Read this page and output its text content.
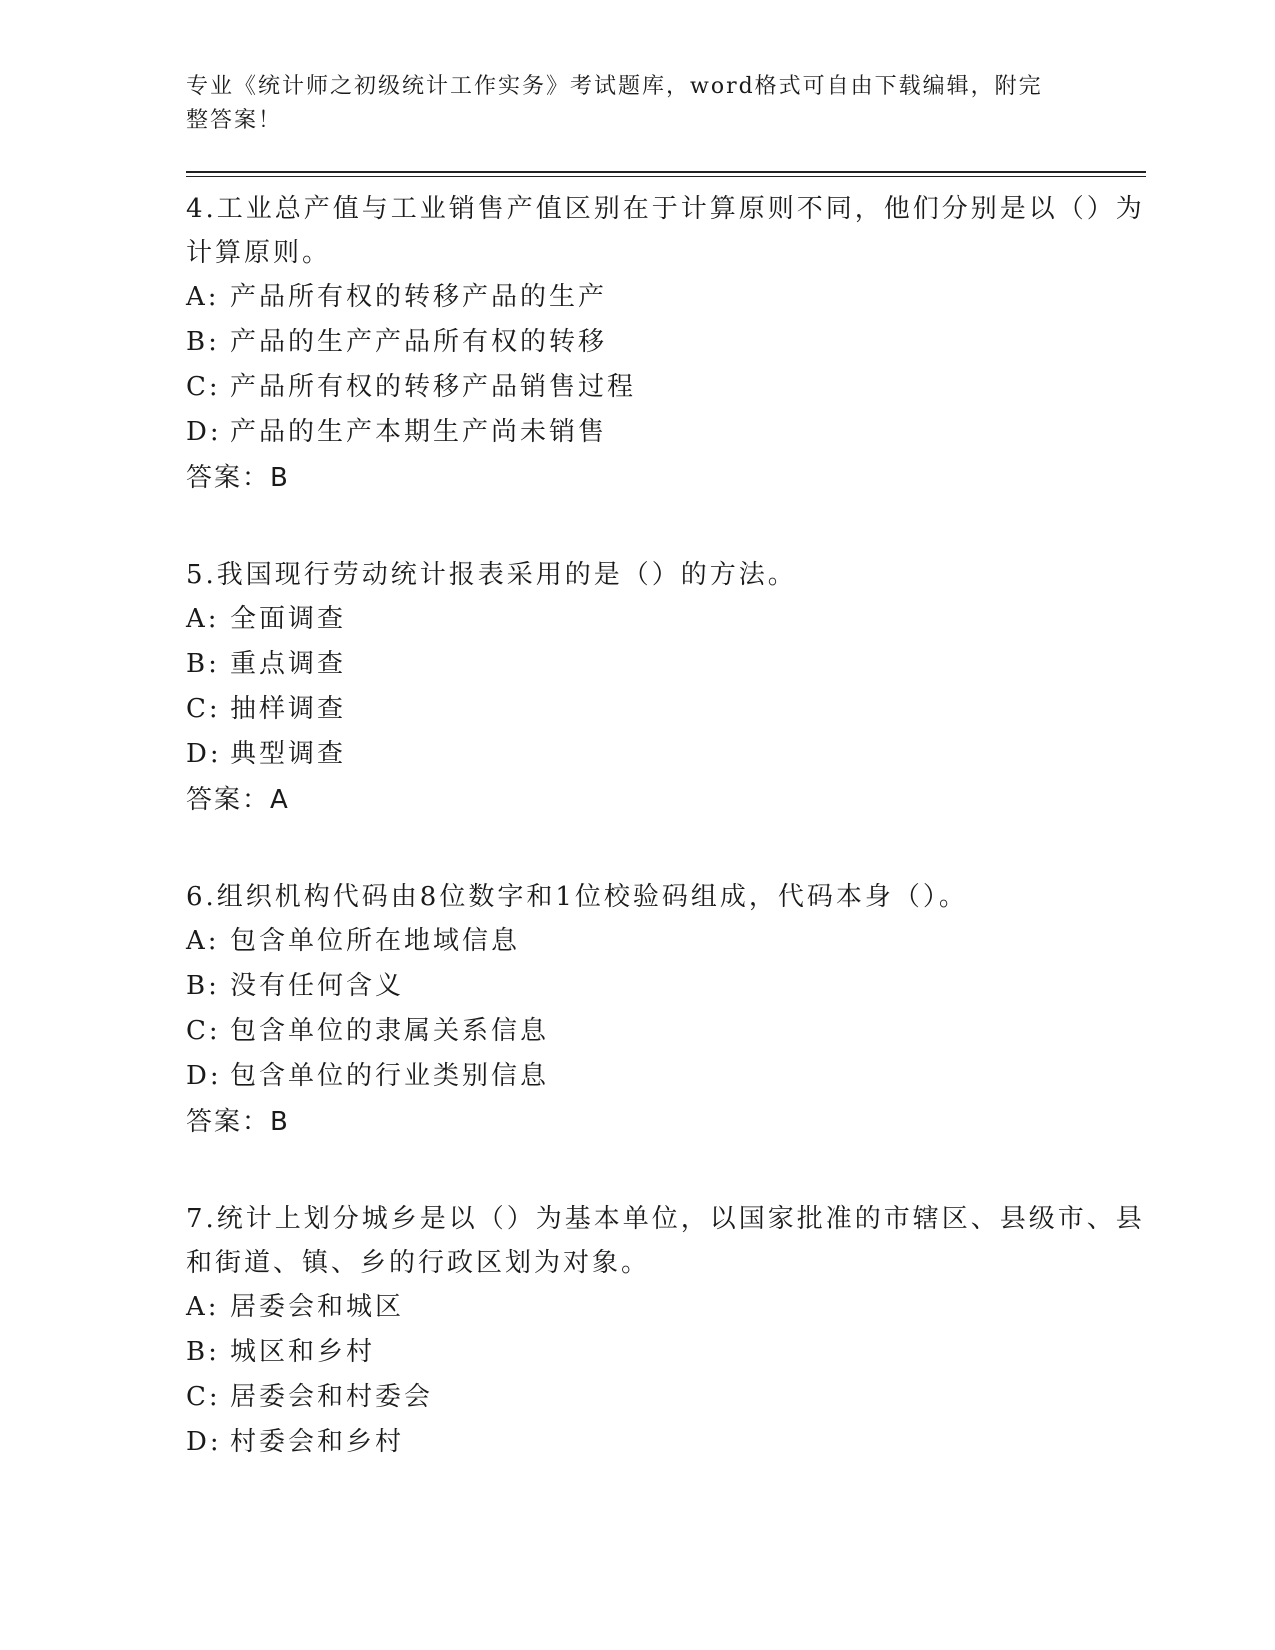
专业《统计师之初级统计工作实务》考试题库，word格式可自由下载编辑，附完整答案！

4.工业总产值与工业销售产值区别在于计算原则不同，他们分别是以（）为计算原则。

A: 产品所有权的转移产品的生产

B: 产品的生产产品所有权的转移

C: 产品所有权的转移产品销售过程

D: 产品的生产本期生产尚未销售

答案：B

5.我国现行劳动统计报表采用的是（）的方法。

A: 全面调查

B: 重点调查

C: 抽样调查

D: 典型调查

答案：A

6.组织机构代码由8位数字和1位校验码组成，代码本身（）。

A: 包含单位所在地域信息

B: 没有任何含义

C: 包含单位的隶属关系信息

D: 包含单位的行业类别信息

答案：B

7.统计上划分城乡是以（）为基本单位，以国家批准的市辖区、县级市、县和街道、镇、乡的行政区划为对象。

A: 居委会和城区

B: 城区和乡村

C: 居委会和村委会

D: 村委会和乡村
